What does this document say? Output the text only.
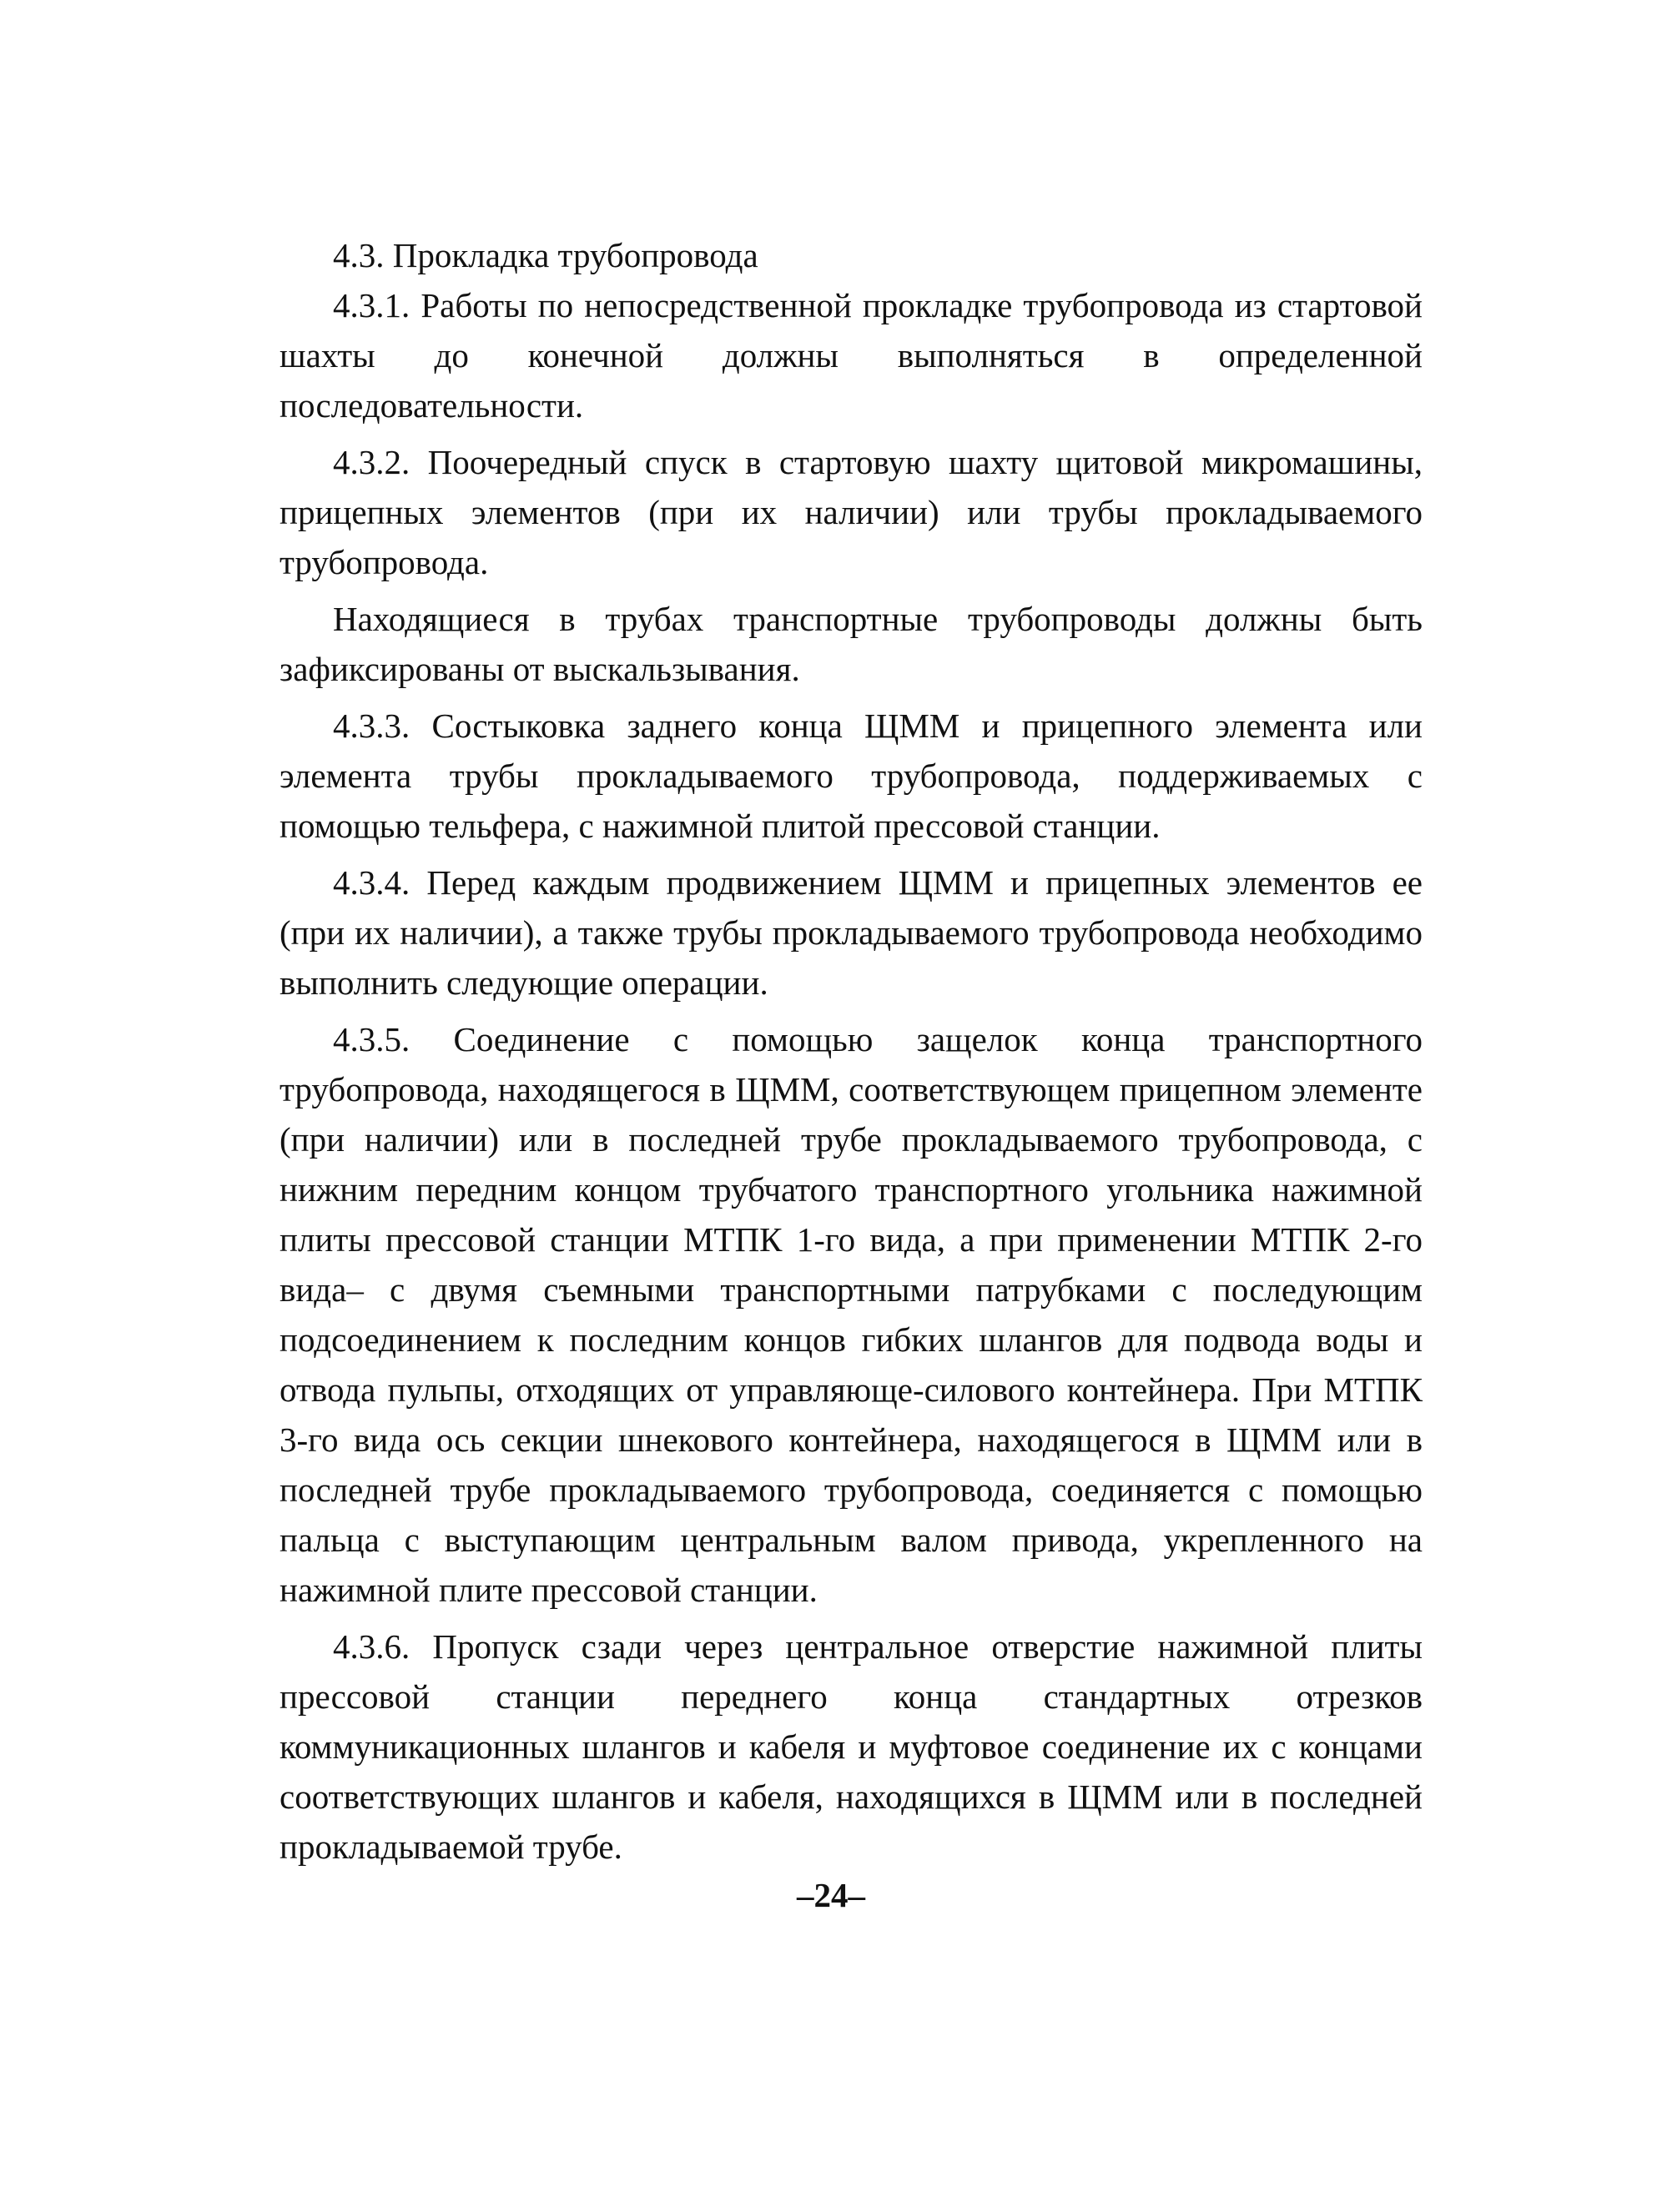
4.3. Прокладка трубопровода

4.3.1. Работы по непосредственной прокладке трубопровода из стартовой шахты до конечной должны выполняться в определенной последовательности.

4.3.2. Поочередный спуск в стартовую шахту щитовой микромашины, прицепных элементов (при их наличии) или трубы прокладываемого трубопровода.

Находящиеся в трубах транспортные трубопроводы должны быть зафиксированы от выскальзывания.

4.3.3. Состыковка заднего конца ЩММ и прицепного элемента или элемента трубы прокладываемого трубопровода, поддерживаемых с помощью тельфера, с нажимной плитой прессовой станции.

4.3.4. Перед каждым продвижением ЩММ и прицепных элементов ее (при их наличии), а также трубы прокладываемого трубопровода необходимо выполнить следующие операции.

4.3.5. Соединение с помощью защелок конца транспортного трубопровода, находящегося в ЩММ, соответствующем прицепном элементе (при наличии) или в последней трубе прокладываемого трубопровода, с нижним передним концом трубчатого транспортного угольника нажимной плиты прессовой станции МТПК 1-го вида, а при применении МТПК 2-го вида– с двумя съемными транспортными патрубками с последующим подсоединением к последним концов гибких шлангов для подвода воды и отвода пульпы, отходящих от управляюще-силового контейнера. При МТПК 3-го вида ось секции шнекового контейнера, находящегося в ЩММ или в последней трубе прокладываемого трубопровода, соединяется с помощью пальца с выступающим центральным валом привода, укрепленного на нажимной плите прессовой станции.

4.3.6. Пропуск сзади через центральное отверстие нажимной плиты прессовой станции переднего конца стандартных отрезков коммуникационных шлангов и кабеля и муфтовое соединение их с концами соответствующих шлангов и кабеля, находящихся в ЩММ или в последней прокладываемой трубе.

–24–
